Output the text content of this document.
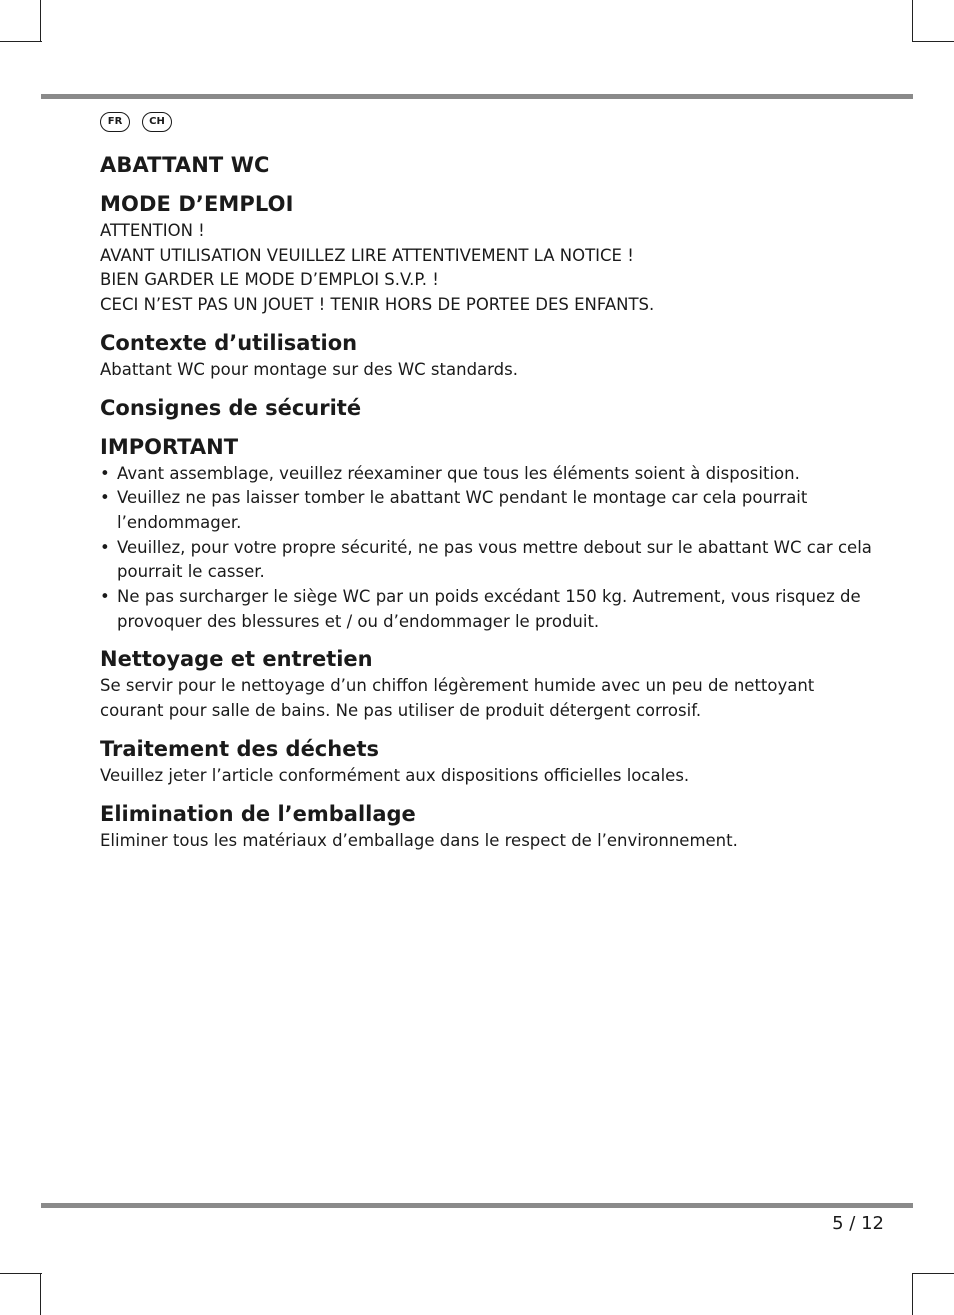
FR	CH
ABATTANT WC
MODE D’EMPLOI

ATTENTION !

AVANT UTILISATION VEUILLEZ LIRE ATTENTIVEMENT LA NOTICE !

BIEN GARDER LE MODE D’EMPLOI S.V.P. !

CECI N’EST PAS UN JOUET ! TENIR HORS DE PORTEE DES ENFANTS.

Contexte d’utilisation

Abattant WC pour montage sur des WC standards.

Consignes de sécurité
IMPORTANT
• Avant assemblage, veuillez réexaminer que tous les éléments soient à disposition.
• Veuillez ne pas laisser tomber le abattant WC pendant le montage car cela pourrait l’endommager.
• Veuillez, pour votre propre sécurité, ne pas vous mettre debout sur le abattant WC car cela pourrait le casser.
• Ne pas surcharger le siège WC par un poids excédant 150 kg. Autrement, vous risquez de provoquer des blessures et / ou d’endommager le produit.
Nettoyage et entretien

Se servir pour le nettoyage d’un chiffon légèrement humide avec un peu de nettoyant courant pour salle de bains. Ne pas utiliser de produit détergent corrosif.

Traitement des déchets

Veuillez jeter l’article conformément aux dispositions officielles locales.

Elimination de l’emballage

Eliminer tous les matériaux d’emballage dans le respect de l’environnement.

5 / 12
